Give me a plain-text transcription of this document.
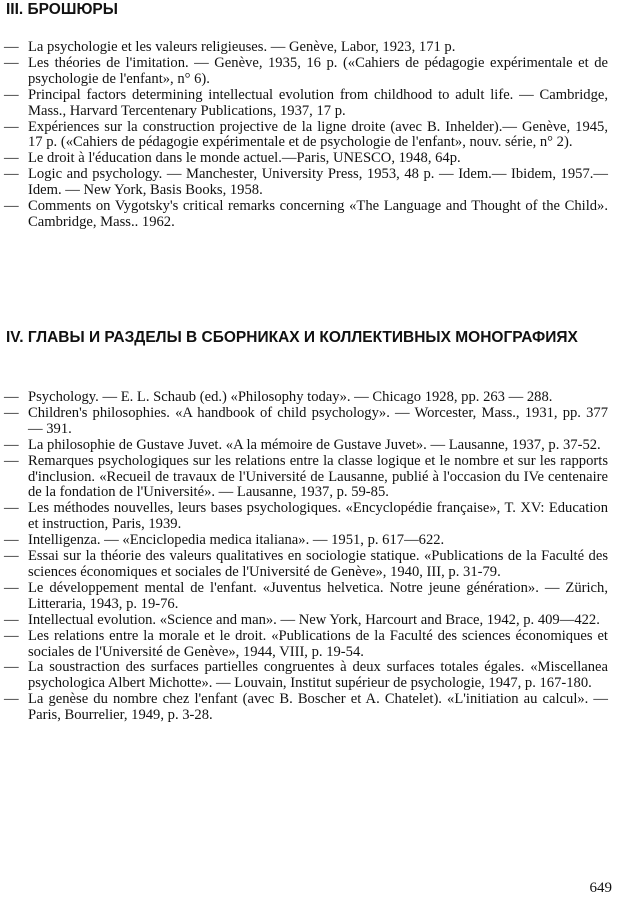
III. БРОШЮРЫ
— La psychologie et les valeurs religieuses. — Genève, Labor, 1923, 171 p.
— Les théories de l'imitation. — Genève, 1935, 16 p. («Cahiers de pédagogie expérimentale et de psychologie de l'enfant», n° 6).
— Principal factors determining intellectual evolution from childhood to adult life. — Cambridge, Mass., Harvard Tercentenary Publications, 1937, 17 p.
— Expériences sur la construction projective de la ligne droite (avec B. Inhelder).— Genève, 1945, 17 p. («Cahiers de pédagogie expérimentale et de psychologie de l'enfant», nouv. série, n° 2).
— Le droit à l'éducation dans le monde actuel.—Paris, UNESCO, 1948, 64p.
— Logic and psychology. — Manchester, University Press, 1953, 48 p. — Idem.— Ibidem, 1957.— Idem. — New York, Basis Books, 1958.
— Comments on Vygotsky's critical remarks concerning «The Language and Thought of the Child». Cambridge, Mass.. 1962.
IV. ГЛАВЫ И РАЗДЕЛЫ В СБОРНИКАХ И КОЛЛЕКТИВНЫХ МОНОГРАФИЯХ
— Psychology. — E. L. Schaub (ed.) «Philosophy today». — Chicago 1928, pp. 263 — 288.
— Children's philosophies. «A handbook of child psychology». — Worcester, Mass., 1931, pp. 377 — 391.
— La philosophie de Gustave Juvet. «A la mémoire de Gustave Juvet». — Lausanne, 1937, p. 37-52.
— Remarques psychologiques sur les relations entre la classe logique et le nombre et sur les rapports d'inclusion. «Recueil de travaux de l'Université de Lausanne, publié à l'occasion du IVe centenaire de la fondation de l'Université». — Lausanne, 1937, p. 59-85.
— Les méthodes nouvelles, leurs bases psychologiques. «Encyclopédie française», T. XV: Education et instruction, Paris, 1939.
— Intelligenza. — «Enciclopedia medica italiana». — 1951, p. 617—622.
— Essai sur la théorie des valeurs qualitatives en sociologie statique. «Publications de la Faculté des sciences économiques et sociales de l'Université de Genève», 1940, III, p. 31-79.
— Le développement mental de l'enfant. «Juventus helvetica. Notre jeune génération». — Zürich, Litteraria, 1943, p. 19-76.
— Intellectual evolution. «Science and man». — New York, Harcourt and Brace, 1942, p. 409—422.
— Les relations entre la morale et le droit. «Publications de la Faculté des sciences économiques et sociales de l'Université de Genève», 1944, VIII, p. 19-54.
— La soustraction des surfaces partielles congruentes à deux surfaces totales égales. «Miscellanea psychologica Albert Michotte». — Louvain, Institut supérieur de psychologie, 1947, p. 167-180.
— La genèse du nombre chez l'enfant (avec B. Boscher et A. Chatelet). «L'initiation au calcul». — Paris, Bourrelier, 1949, p. 3-28.
649
